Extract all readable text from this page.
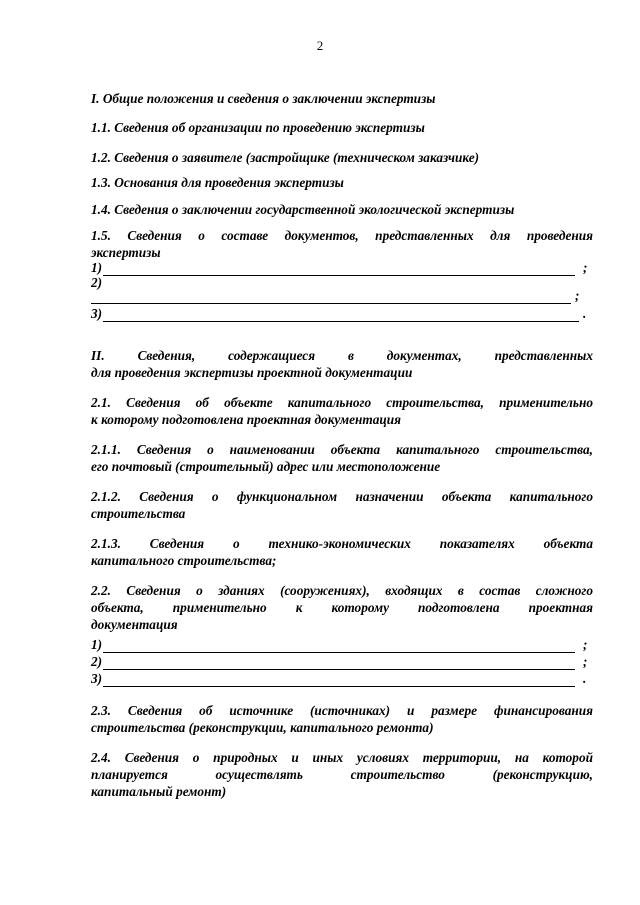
2

I. Общие положения и сведения о заключении экспертизы

1.1. Сведения об организации по проведению экспертизы

1.2. Сведения о заявителе (застройщике (техническом заказчике)

1.3. Основания для проведения экспертизы

1.4. Сведения о заключении государственной экологической экспертизы

1.5. Сведения о составе документов, представленных для проведения
экспертизы
1)	;
2)
;
3)	.
II. Сведения, содержащиеся в документах, представленных
для проведения экспертизы проектной документации
2.1. Сведения об объекте капитального строительства, применительно
к которому подготовлена проектная документация
2.1.1. Сведения о наименовании объекта капитального строительства,
его почтовый (строительный) адрес или местоположение
2.1.2. Сведения о функциональном назначении объекта капитального
строительства
2.1.3. Сведения о технико-экономических показателях объекта
капитального строительства;
2.2. Сведения о зданиях (сооружениях), входящих в состав сложного
объекта, применительно к которому подготовлена проектная
документация
1)	;
2)	;
3)	.
2.3. Сведения об источнике (источниках) и размере финансирования
строительства (реконструкции, капитального ремонта)
2.4. Сведения о природных и иных условиях территории, на которой
планируется осуществлять строительство (реконструкцию,
капитальный ремонт)
